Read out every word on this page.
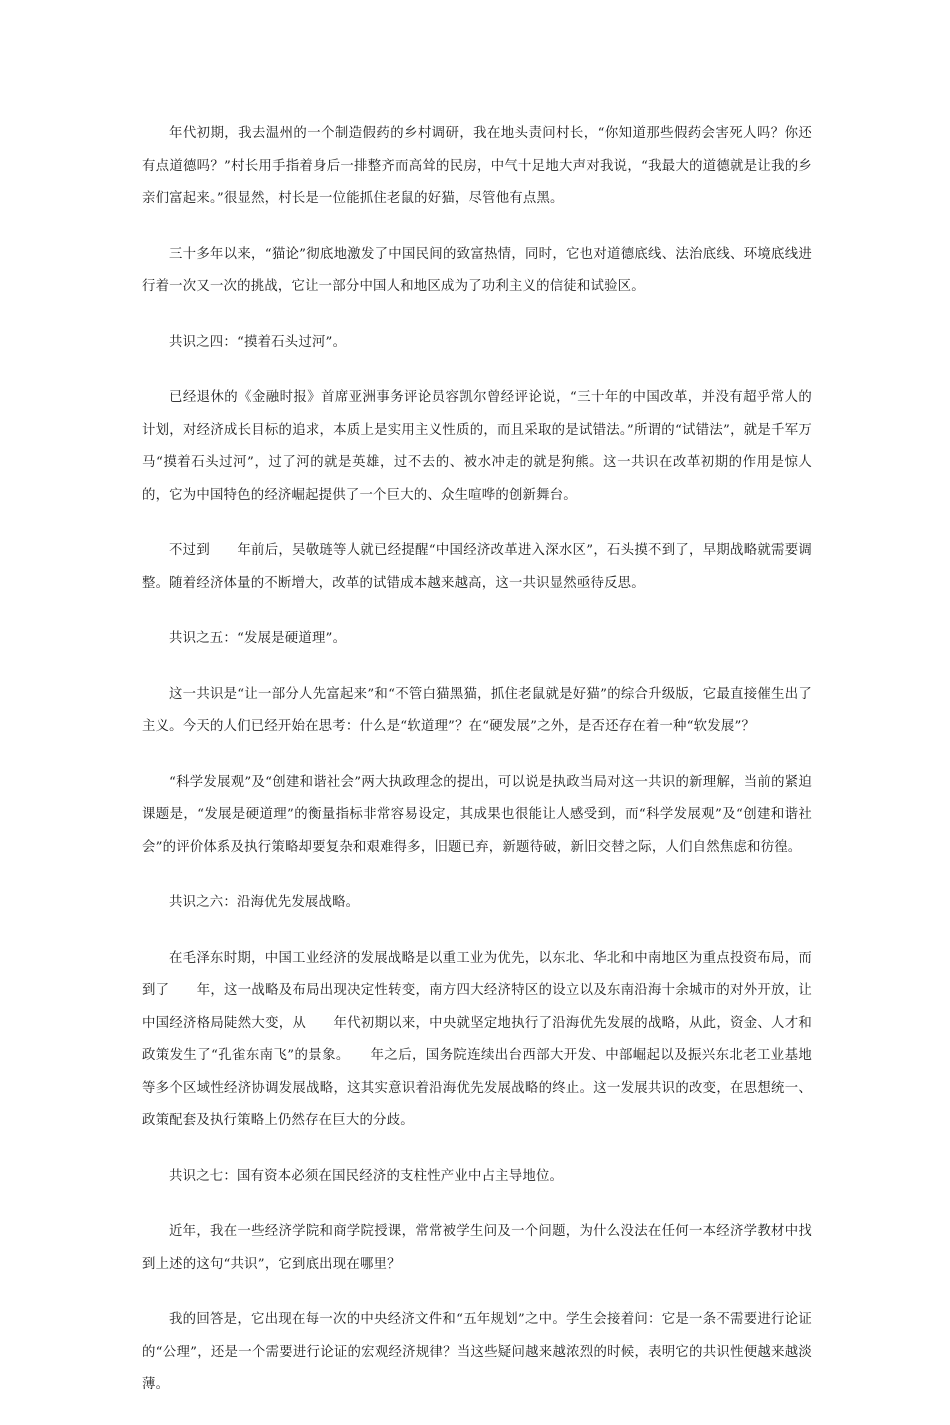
年代初期，我去温州的一个制造假药的乡村调研，我在地头责问村长，“你知道那些假药会害死人吗？你还有点道德吗？”村长用手指着身后一排整齐而高耸的民房，中气十足地大声对我说，“我最大的道德就是让我的乡亲们富起来。”很显然，村长是一位能抓住老鼠的好猫，尽管他有点黑。

三十多年以来，“猫论”彻底地激发了中国民间的致富热情，同时，它也对道德底线、法治底线、环境底线进行着一次又一次的挑战，它让一部分中国人和地区成为了功利主义的信徒和试验区。

共识之四：“摸着石头过河”。

已经退休的《金融时报》首席亚洲事务评论员容凯尔曾经评论说，“三十年的中国改革，并没有超乎常人的计划，对经济成长目标的追求，本质上是实用主义性质的，而且采取的是试错法。”所谓的“试错法”，就是千军万马“摸着石头过河”，过了河的就是英雄，过不去的、被水冲走的就是狗熊。这一共识在改革初期的作用是惊人的，它为中国特色的经济崛起提供了一个巨大的、众生喧哗的创新舞台。

不过到　　年前后，吴敬琏等人就已经提醒“中国经济改革进入深水区”，石头摸不到了，早期战略就需要调整。随着经济体量的不断增大，改革的试错成本越来越高，这一共识显然亟待反思。

共识之五：“发展是硬道理”。

这一共识是“让一部分人先富起来”和“不管白猫黑猫，抓住老鼠就是好猫”的综合升级版，它最直接催生出了　　主义。今天的人们已经开始在思考：什么是“软道理”？在“硬发展”之外，是否还存在着一种“软发展”？

“科学发展观”及“创建和谐社会”两大执政理念的提出，可以说是执政当局对这一共识的新理解，当前的紧迫课题是，“发展是硬道理”的衡量指标非常容易设定，其成果也很能让人感受到，而“科学发展观”及“创建和谐社会”的评价体系及执行策略却要复杂和艰难得多，旧题已弃，新题待破，新旧交替之际，人们自然焦虑和彷徨。

共识之六：沿海优先发展战略。

在毛泽东时期，中国工业经济的发展战略是以重工业为优先，以东北、华北和中南地区为重点投资布局，而到了　　年，这一战略及布局出现决定性转变，南方四大经济特区的设立以及东南沿海十余城市的对外开放，让中国经济格局陡然大变，从　　年代初期以来，中央就坚定地执行了沿海优先发展的战略，从此，资金、人才和政策发生了“孔雀东南飞”的景象。　　年之后，国务院连续出台西部大开发、中部崛起以及振兴东北老工业基地等多个区域性经济协调发展战略，这其实意识着沿海优先发展战略的终止。这一发展共识的改变，在思想统一、政策配套及执行策略上仍然存在巨大的分歧。

共识之七：国有资本必须在国民经济的支柱性产业中占主导地位。

近年，我在一些经济学院和商学院授课，常常被学生问及一个问题，为什么没法在任何一本经济学教材中找到上述的这句“共识”，它到底出现在哪里？

我的回答是，它出现在每一次的中央经济文件和“五年规划”之中。学生会接着问：它是一条不需要进行论证的“公理”，还是一个需要进行论证的宏观经济规律？当这些疑问越来越浓烈的时候，表明它的共识性便越来越淡薄。
